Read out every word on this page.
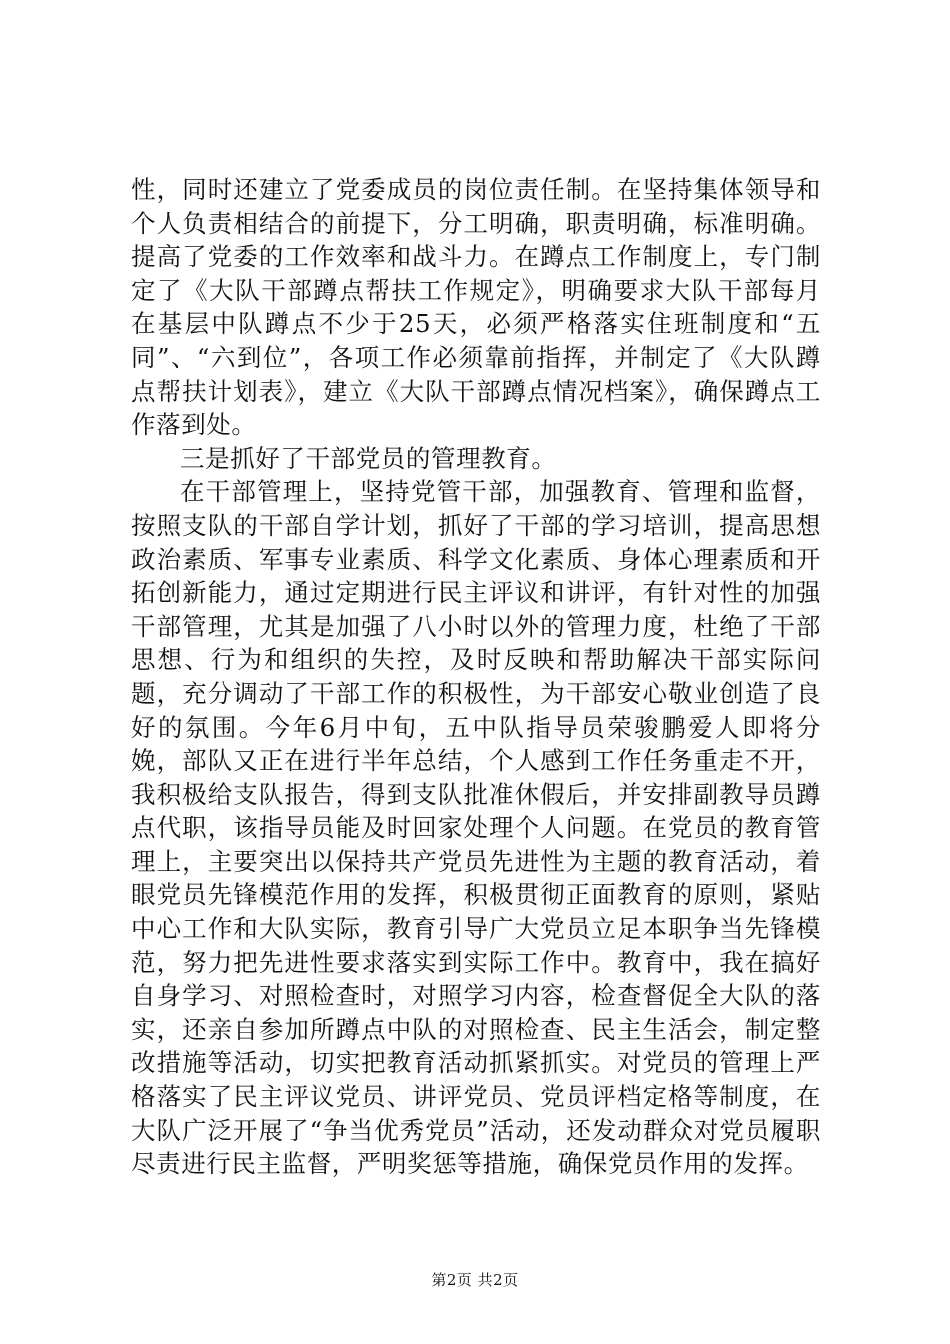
性，同时还建立了党委成员的岗位责任制。在坚持集体领导和个人负责相结合的前提下，分工明确，职责明确，标准明确。提高了党委的工作效率和战斗力。在蹲点工作制度上，专门制定了《大队干部蹲点帮扶工作规定》，明确要求大队干部每月在基层中队蹲点不少于25天，必须严格落实住班制度和“五同”、“六到位”，各项工作必须靠前指挥，并制定了《大队蹲点帮扶计划表》，建立《大队干部蹲点情况档案》，确保蹲点工作落到处。

三是抓好了干部党员的管理教育。

在干部管理上，坚持党管干部，加强教育、管理和监督，按照支队的干部自学计划，抓好了干部的学习培训，提高思想政治素质、军事专业素质、科学文化素质、身体心理素质和开拓创新能力，通过定期进行民主评议和讲评，有针对性的加强干部管理，尤其是加强了八小时以外的管理力度，杜绝了干部思想、行为和组织的失控，及时反映和帮助解决干部实际问题，充分调动了干部工作的积极性，为干部安心敬业创造了良好的氛围。今年6月中旬，五中队指导员荣骏鹏爱人即将分娩，部队又正在进行半年总结，个人感到工作任务重走不开，我积极给支队报告，得到支队批准休假后，并安排副教导员蹲点代职，该指导员能及时回家处理个人问题。在党员的教育管理上，主要突出以保持共产党员先进性为主题的教育活动，着眼党员先锋模范作用的发挥，积极贯彻正面教育的原则，紧贴中心工作和大队实际，教育引导广大党员立足本职争当先锋模范，努力把先进性要求落实到实际工作中。教育中，我在搞好自身学习、对照检查时，对照学习内容，检查督促全大队的落实，还亲自参加所蹲点中队的对照检查、民主生活会，制定整改措施等活动，切实把教育活动抓紧抓实。对党员的管理上严格落实了民主评议党员、讲评党员、党员评档定格等制度，在大队广泛开展了“争当优秀党员”活动，还发动群众对党员履职尽责进行民主监督，严明奖惩等措施，确保党员作用的发挥。

第2页 共2页
